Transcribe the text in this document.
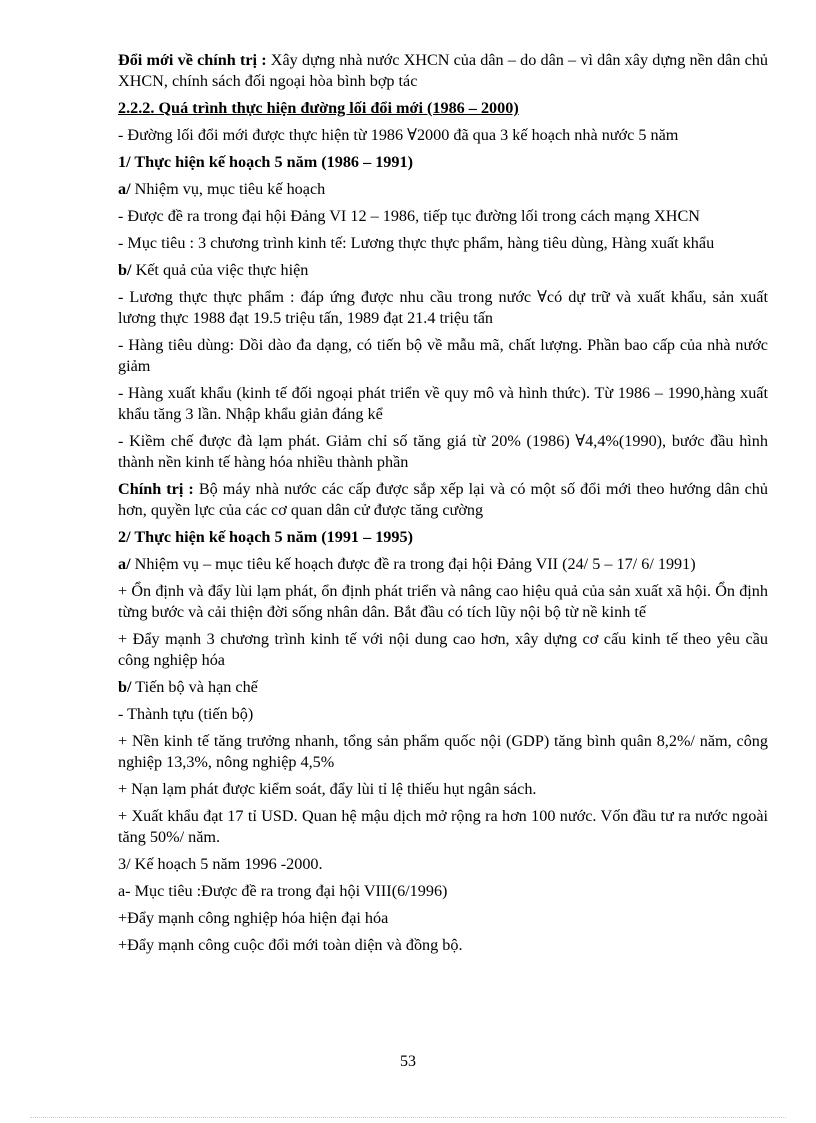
Đổi mới về chính trị : Xây dựng nhà nước XHCN của dân – do dân – vì dân xây dựng nền dân chủ XHCN, chính sách đối ngoại hòa bình bợp tác

2.2.2. Quá trình thực hiện đường lối đổi mới (1986 – 2000)

- Đường lối đổi mới được thực hiện từ 1986 ∀2000 đã qua 3 kế hoạch nhà nước 5 năm

1/ Thực hiện kế hoạch 5 năm (1986 – 1991)

a/ Nhiệm vụ, mục tiêu kế hoạch

- Được đề ra trong đại hội Đảng VI 12 – 1986, tiếp tục đường lối trong cách mạng XHCN

- Mục tiêu : 3 chương trình kinh tế: Lương thực thực phẩm, hàng tiêu dùng, Hàng xuất khẩu

b/ Kết quả của việc thực hiện

- Lương thực thực phẩm : đáp ứng được nhu cầu trong nước ∀có dự trữ và xuất khẩu, sản xuất lương thực 1988 đạt 19.5 triệu tấn, 1989 đạt 21.4 triệu tấn

- Hàng tiêu dùng: Dồi dào đa dạng, có tiến bộ về mẫu mã, chất lượng. Phần bao cấp của nhà nước giảm

- Hàng xuất khẩu (kinh tế đối ngoại phát triển về quy mô và hình thức). Từ 1986 – 1990,hàng xuất khẩu tăng 3 lần. Nhập khẩu giản đáng kể

- Kiềm chế được đà lạm phát. Giảm chỉ số tăng giá từ 20% (1986) ∀4,4%(1990), bước đầu hình thành nền kinh tế hàng hóa nhiều thành phần

Chính trị : Bộ máy nhà nước các cấp được sắp xếp lại và có một số đổi mới theo hướng dân chủ hơn, quyền lực của các cơ quan dân cử được tăng cường

2/ Thực hiện kế hoạch 5 năm (1991 – 1995)

a/ Nhiệm vụ – mục tiêu kế hoạch được đề ra trong đại hội Đảng VII (24/ 5 – 17/ 6/ 1991)

+ Ổn định và đẩy lùi lạm phát, ổn định phát triển và nâng cao hiệu quả của sản xuất xã hội. Ổn định từng bước và cải thiện đời sống nhân dân. Bắt đầu có tích lũy nội bộ từ nề kinh tế

+ Đẩy mạnh 3 chương trình kinh tế với nội dung cao hơn, xây dựng cơ cấu kinh tế theo yêu cầu công nghiệp hóa

b/ Tiến bộ và hạn chế

- Thành tựu (tiến bộ)

+ Nền kinh tế tăng trưởng nhanh, tổng sản phẩm quốc nội (GDP) tăng bình quân 8,2%/ năm, công nghiệp 13,3%, nông nghiệp 4,5%

+ Nạn lạm phát được kiểm soát, đẩy lùi tỉ lệ thiếu hụt ngân sách.

+ Xuất khẩu đạt 17 tỉ USD. Quan hệ mậu dịch mở rộng ra hơn 100 nước. Vốn đầu tư ra nước ngoài tăng 50%/ năm.

3/ Kế hoạch 5 năm 1996 -2000.

a- Mục tiêu :Được đề ra trong đại hội VIII(6/1996)

+Đẩy mạnh công nghiệp hóa hiện đại hóa

+Đẩy mạnh công cuộc đổi mới toàn diện và đồng bộ.

53
